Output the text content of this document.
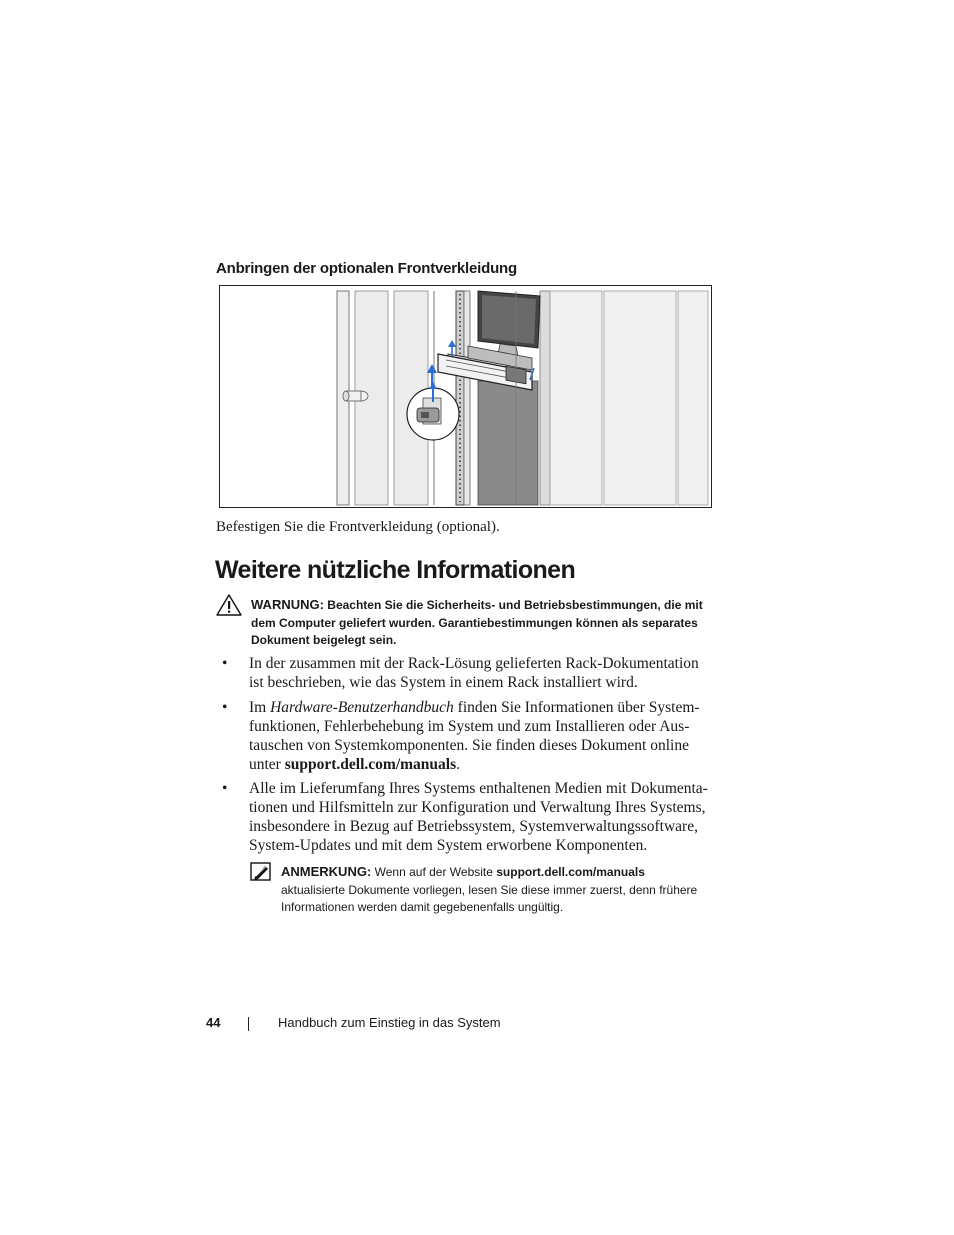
Anbringen der optionalen Frontverkleidung
Befestigen Sie die Frontverkleidung (optional).
Weitere nützliche Informationen
WARNUNG: Beachten Sie die Sicherheits- und Betriebsbestimmungen, die mit
dem Computer geliefert wurden. Garantiebestimmungen können als separates
Dokument beigelegt sein.
• In der zusammen mit der Rack-Lösung gelieferten Rack-Dokumentation
ist beschrieben, wie das System in einem Rack installiert wird.
• Im Hardware-Benutzerhandbuch finden Sie Informationen über System-
funktionen, Fehlerbehebung im System und zum Installieren oder Aus-
tauschen von Systemkomponenten. Sie finden dieses Dokument online
unter support.dell.com/manuals.
• Alle im Lieferumfang Ihres Systems enthaltenen Medien mit Dokumenta-
tionen und Hilfsmitteln zur Konfiguration und Verwaltung Ihres Systems,
insbesondere in Bezug auf Betriebssystem, Systemverwaltungssoftware,
System-Updates und mit dem System erworbene Komponenten.
ANMERKUNG: Wenn auf der Website support.dell.com/manuals
aktualisierte Dokumente vorliegen, lesen Sie diese immer zuerst, denn frühere
Informationen werden damit gegebenenfalls ungültig.
44	Handbuch zum Einstieg in das System
